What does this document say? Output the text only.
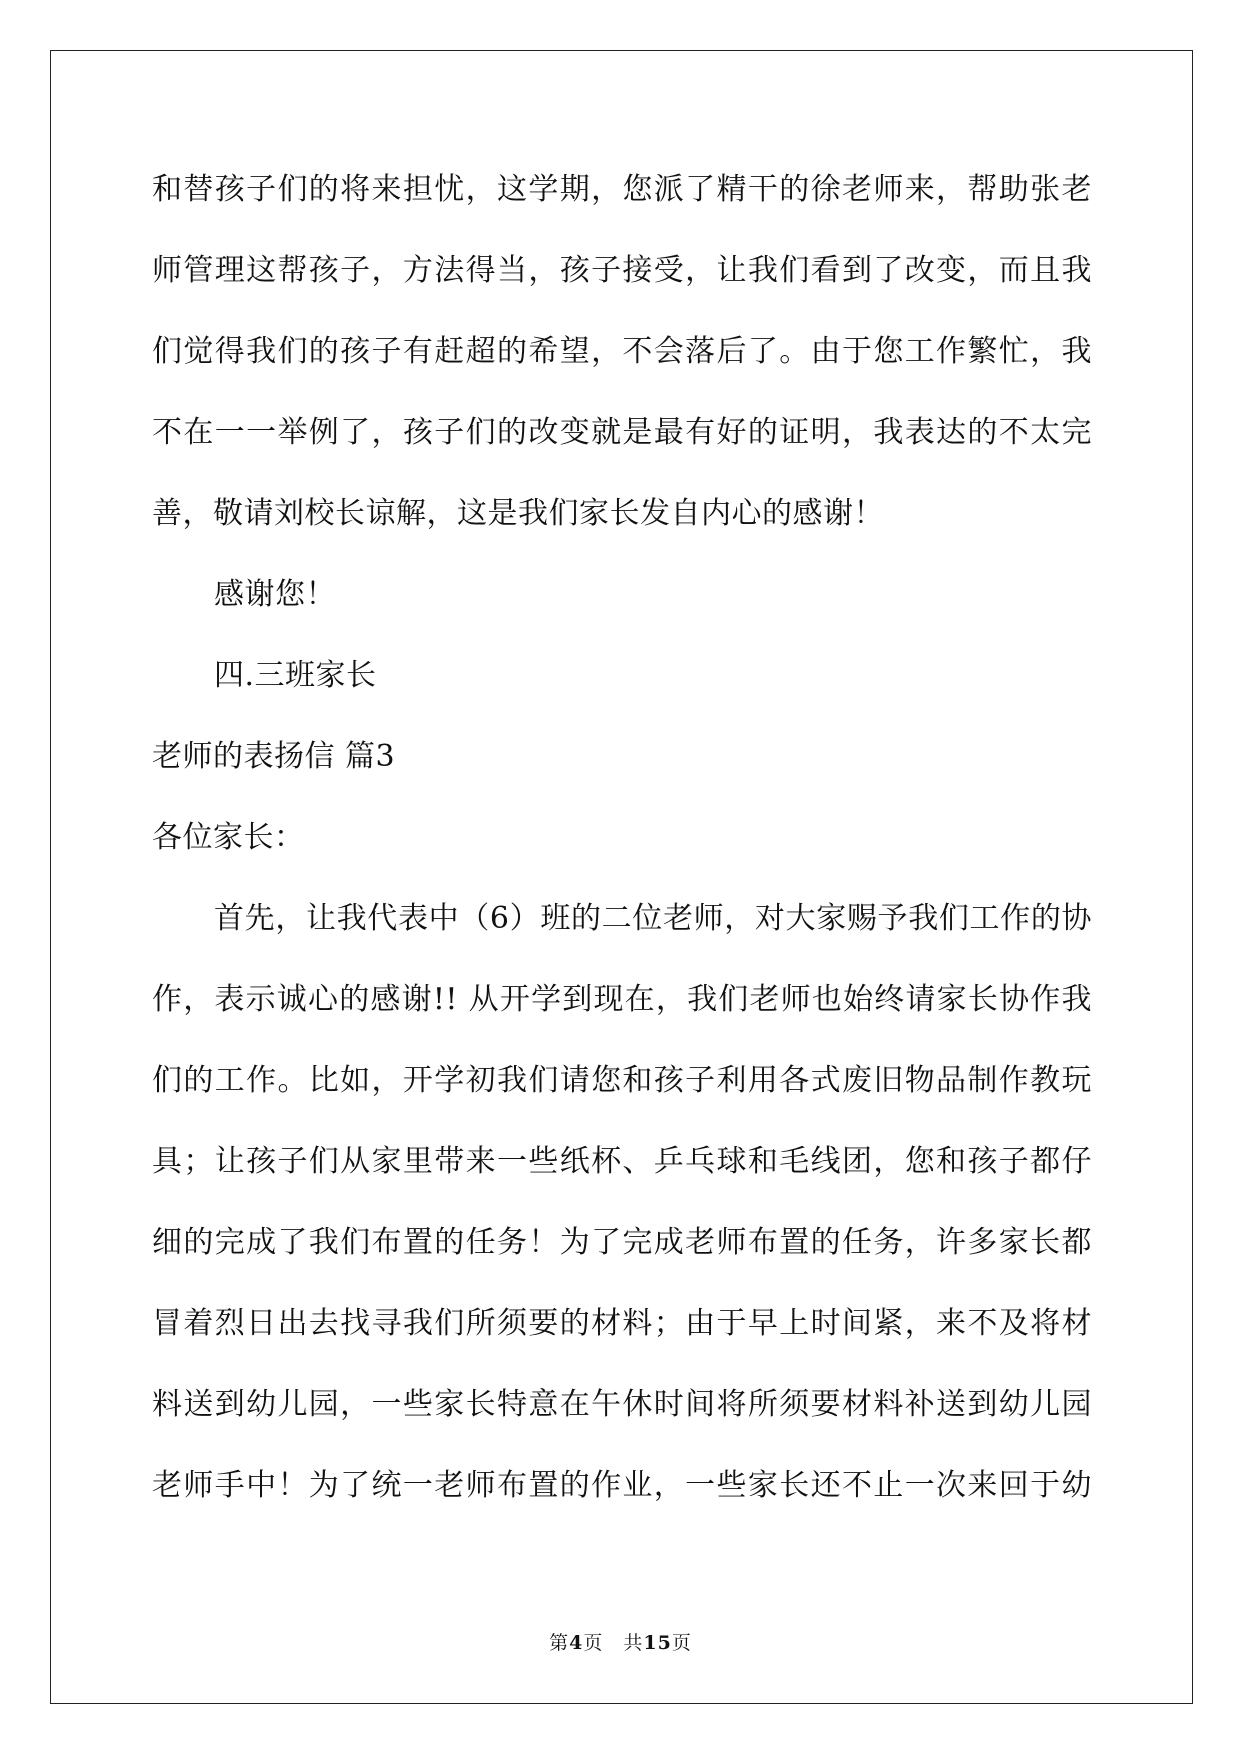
和替孩子们的将来担忧，这学期，您派了精干的徐老师来，帮助张老
师管理这帮孩子，方法得当，孩子接受，让我们看到了改变，而且我
们觉得我们的孩子有赶超的希望，不会落后了。由于您工作繁忙，我
不在一一举例了，孩子们的改变就是最有好的证明，我表达的不太完
善，敬请刘校长谅解，这是我们家长发自内心的感谢！
感谢您！
四.三班家长
老师的表扬信 篇3
各位家长：
首先，让我代表中（6）班的二位老师，对大家赐予我们工作的协
作，表示诚心的感谢!! 从开学到现在，我们老师也始终请家长协作我
们的工作。比如，开学初我们请您和孩子利用各式废旧物品制作教玩
具；让孩子们从家里带来一些纸杯、乒乓球和毛线团，您和孩子都仔
细的完成了我们布置的任务！为了完成老师布置的任务，许多家长都
冒着烈日出去找寻我们所须要的材料；由于早上时间紧，来不及将材
料送到幼儿园，一些家长特意在午休时间将所须要材料补送到幼儿园
老师手中！为了统一老师布置的作业，一些家长还不止一次来回于幼
第4页 共15页
